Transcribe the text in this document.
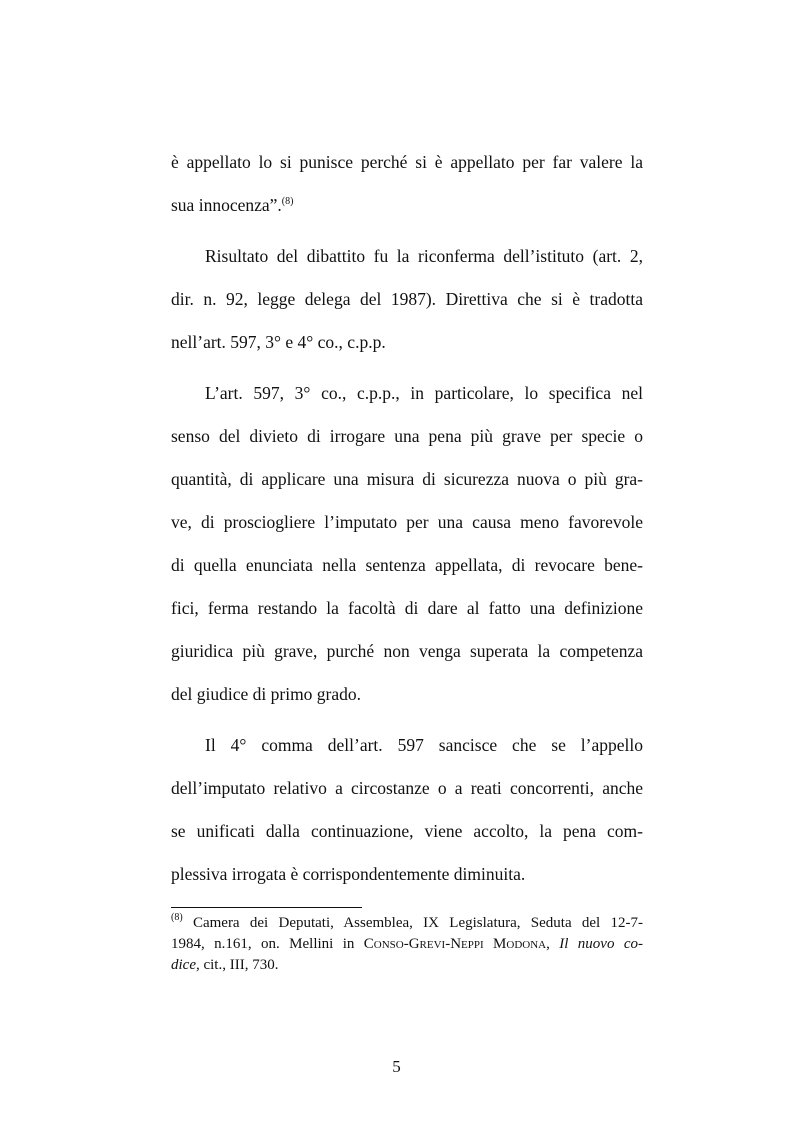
è appellato lo si punisce perché si è appellato per far valere la
sua innocenza”.$^{(8)}$
Risultato del dibattito fu la riconferma dell’istituto (art. 2,
dir. n. 92, legge delega del 1987). Direttiva che si è tradotta
nell’art. 597, 3° e 4° co., c.p.p.
L’art. 597, 3° co., c.p.p., in particolare, lo specifica nel
senso del divieto di irrogare una pena più grave per specie o
quantità, di applicare una misura di sicurezza nuova o più gra-
ve, di prosciogliere l’imputato per una causa meno favorevole
di quella enunciata nella sentenza appellata, di revocare bene-
fici, ferma restando la facoltà di dare al fatto una definizione
giuridica più grave, purché non venga superata la competenza
del giudice di primo grado.
Il 4° comma dell’art. 597 sancisce che se l’appello
dell’imputato relativo a circostanze o a reati concorrenti, anche
se unificati dalla continuazione, viene accolto, la pena com-
plessiva irrogata è corrispondentemente diminuita.
$^{(8)}$ Camera dei Deputati, Assemblea, IX Legislatura, Seduta del 12-7-
1984, n.161, on. Mellini in Conso-Grevi-Neppi Modona, Il nuovo co-
dice, cit., III, 730.
5
